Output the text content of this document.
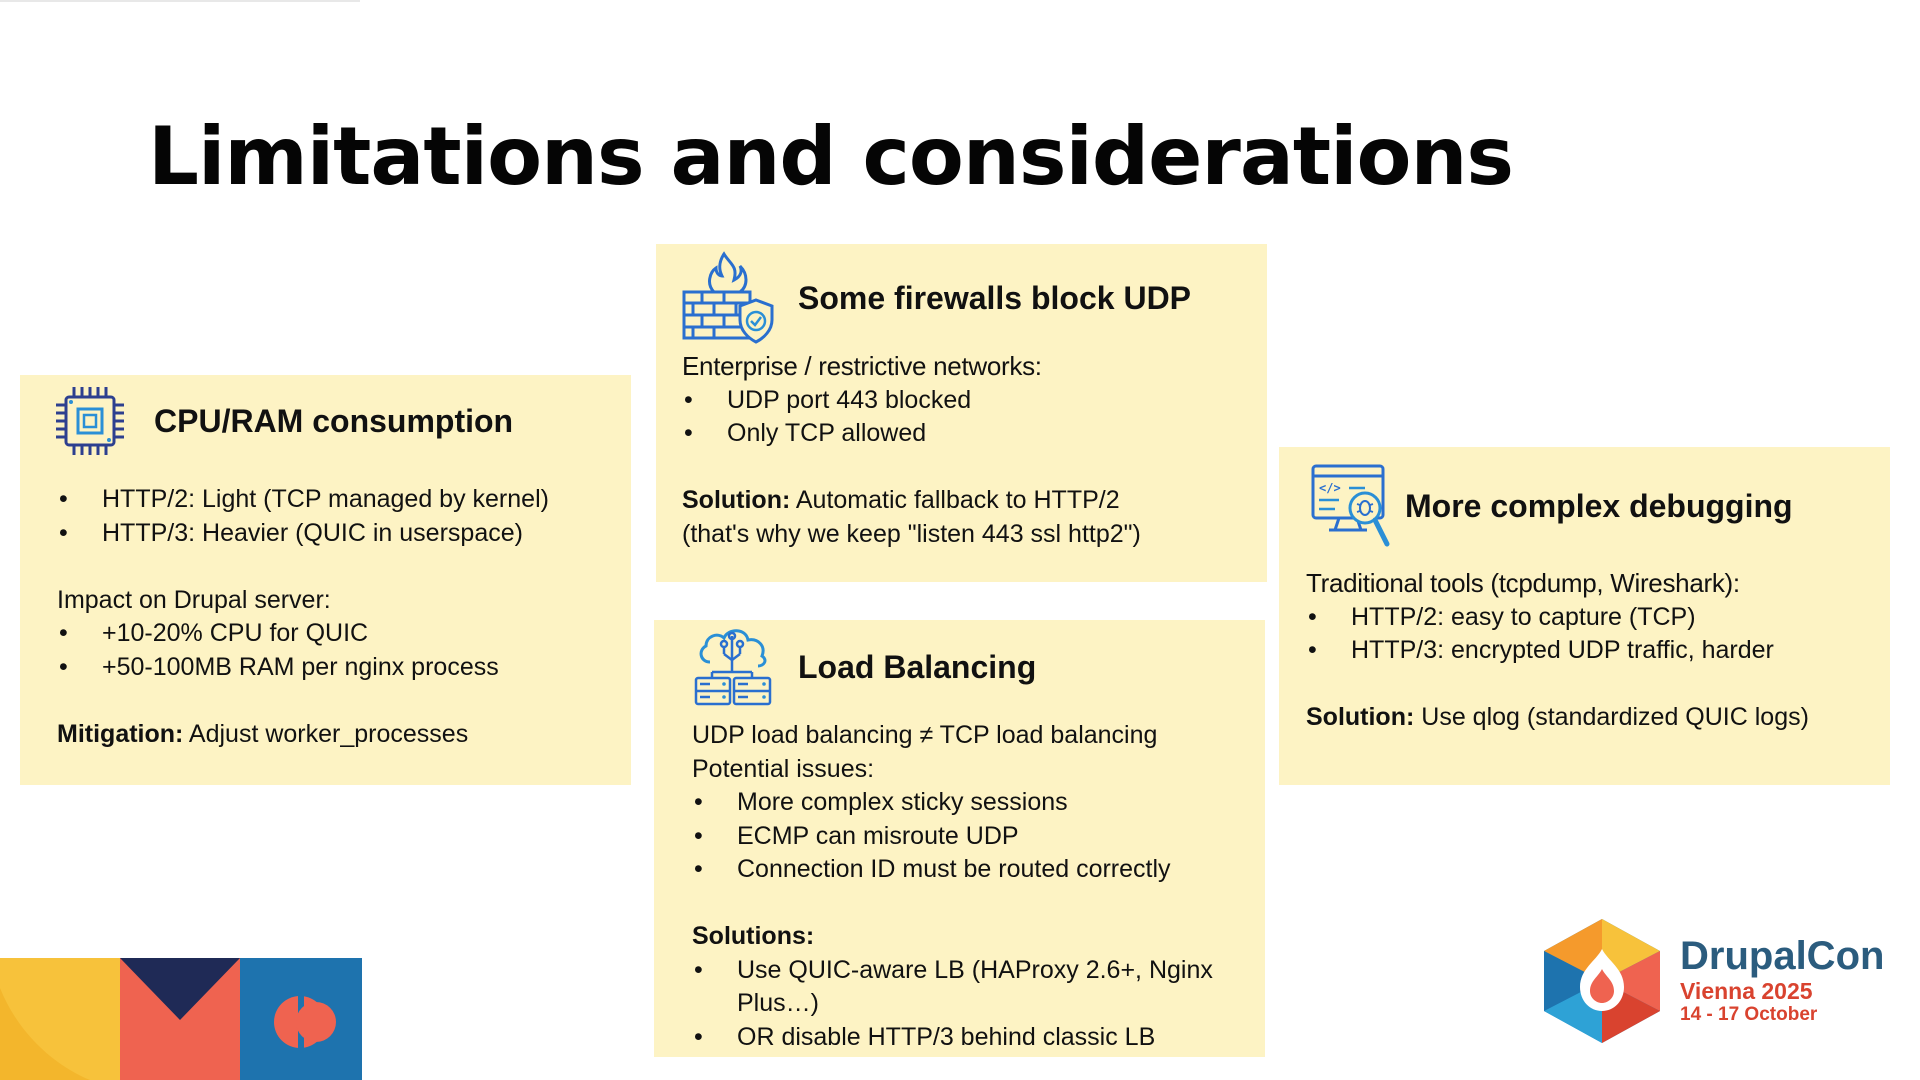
Limitations and considerations
CPU/RAM consumption
• HTTP/2: Light (TCP managed by kernel)
• HTTP/3: Heavier (QUIC in userspace)

Impact on Drupal server:

• +10-20% CPU for QUIC
• +50-100MB RAM per nginx process

Mitigation: Adjust worker_processes

Some firewalls block UDP

Enterprise / restrictive networks:

• UDP port 443 blocked
• Only TCP allowed

Solution: Automatic fallback to HTTP/2

(that's why we keep "listen 443 ssl http2")

Load Balancing

UDP load balancing ≠ TCP load balancing

Potential issues:

• More complex sticky sessions
• ECMP can misroute UDP
• Connection ID must be routed correctly

Solutions:

• Use QUIC-aware LB (HAProxy 2.6+, Nginx Plus…)
• OR disable HTTP/3 behind classic LB
</> More complex debugging

Traditional tools (tcpdump, Wireshark):

• HTTP/2: easy to capture (TCP)
• HTTP/3: encrypted UDP traffic, harder

Solution: Use qlog (standardized QUIC logs)

DrupalCon
Vienna 2025
14 - 17 October
